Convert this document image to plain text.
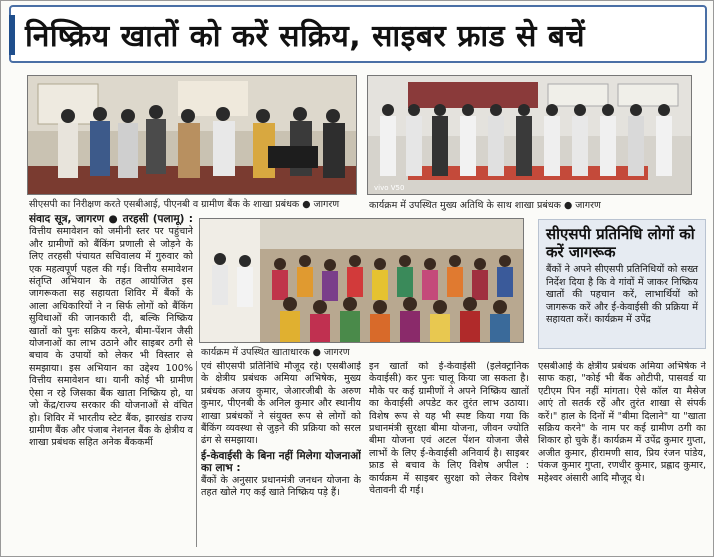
निष्क्रिय खातों को करें सक्रिय, साइबर फ्राड से बचें
सीएसपी का निरीक्षण करते एसबीआई, पीएनबी व ग्रामीण बैंक के शाखा प्रबंधक ● जागरण
vivo V50
कार्यक्रम में उपस्थित मुख्य अतिथि के साथ शाखा प्रबंधक ● जागरण
कार्यक्रम में उपस्थित खाताधारक ● जागरण

संवाद सूत्र, जागरण ● तरहसी (पलामू) : वित्तीय समावेशन को जमीनी स्तर पर पहुंचाने और ग्रामीणों को बैंकिंग प्रणाली से जोड़ने के लिए तरहसी पंचायत सचिवालय में गुरुवार को एक महत्वपूर्ण पहल की गई। वित्तीय समावेशन संतृप्ति अभियान के तहत आयोजित इस जागरूकता सह सहायता शिविर में बैंकों के आला अधिकारियों ने न सिर्फ लोगों को बैंकिंग सुविधाओं की जानकारी दी, बल्कि निष्क्रिय खातों को पुनः सक्रिय करने, बीमा-पेंशन जैसी योजनाओं का लाभ उठाने और साइबर ठगी से बचाव के उपायों को लेकर भी विस्तार से समझाया। इस अभियान का उद्देश्य 100% वित्तीय समावेशन था। यानी कोई भी ग्रामीण ऐसा न रहे जिसका बैंक खाता निष्क्रिय हो, या जो केंद्र/राज्य सरकार की योजनाओं से वंचित हो। शिविर में भारतीय स्टेट बैंक, झारखंड राज्य ग्रामीण बैंक और पंजाब नेशनल बैंक के क्षेत्रीय व शाखा प्रबंधक सहित अनेक बैंककर्मी

एवं सीएसपी प्रतिनिधि मौजूद रहे। एसबीआई के क्षेत्रीय प्रबंधक अमिया अभिषेक, मुख्य प्रबंधक अजय कुमार, जेआरजीबी के अरुण कुमार, पीएनबी के अनिल कुमार और स्थानीय शाखा प्रबंधकों ने संयुक्त रूप से लोगों को बैंकिंग व्यवस्था से जुड़ने की प्रक्रिया को सरल ढंग से समझाया।

ई-केवाईसी के बिना नहीं मिलेगा योजनाओं का लाभ :

बैंकों के अनुसार प्रधानमंत्री जनधन योजना के तहत खोले गए कई खाते निष्क्रिय पड़े हैं।

इन खातों को ई-केवाईसी (इलेक्ट्रानिक केवाईसी) कर पुनः चालू किया जा सकता है। मौके पर कई ग्रामीणों ने अपने निष्क्रिय खातों का केवाईसी अपडेट कर तुरंत लाभ उठाया। विशेष रूप से यह भी स्पष्ट किया गया कि प्रधानमंत्री सुरक्षा बीमा योजना, जीवन ज्योति बीमा योजना एवं अटल पेंशन योजना जैसे लाभों के लिए ई-केवाईसी अनिवार्य है। साइबर फ्राड से बचाव के लिए विशेष अपील : कार्यक्रम में साइबर सुरक्षा को लेकर विशेष चेतावनी दी गई।

सीएसपी प्रतिनिधि लोगों को करें जागरूक

बैंकों ने अपने सीएसपी प्रतिनिधियों को सख्त निर्देश दिया है कि वे गांवों में जाकर निष्क्रिय खातों की पहचान करें, लाभार्थियों को जागरूक करें और ई-केवाईसी की प्रक्रिया में सहायता करें। कार्यक्रम में उपेंद्र

एसबीआई के क्षेत्रीय प्रबंधक अमिया अभिषेक ने साफ कहा, "कोई भी बैंक ओटीपी, पासवर्ड या एटीएम पिन नहीं मांगता। ऐसे कॉल या मैसेज आएं तो सतर्क रहें और तुरंत शाखा से संपर्क करें।" हाल के दिनों में "बीमा दिलाने" या "खाता सक्रिय करने" के नाम पर कई ग्रामीण ठगी का शिकार हो चुके हैं। कार्यक्रम में उपेंद्र कुमार गुप्ता, अजीत कुमार, हीरामणी साव, प्रिय रंजन पांडेय, पंकज कुमार गुप्ता, रणधीर कुमार, प्रह्लाद कुमार, महेश्वर अंसारी आदि मौजूद थे।
